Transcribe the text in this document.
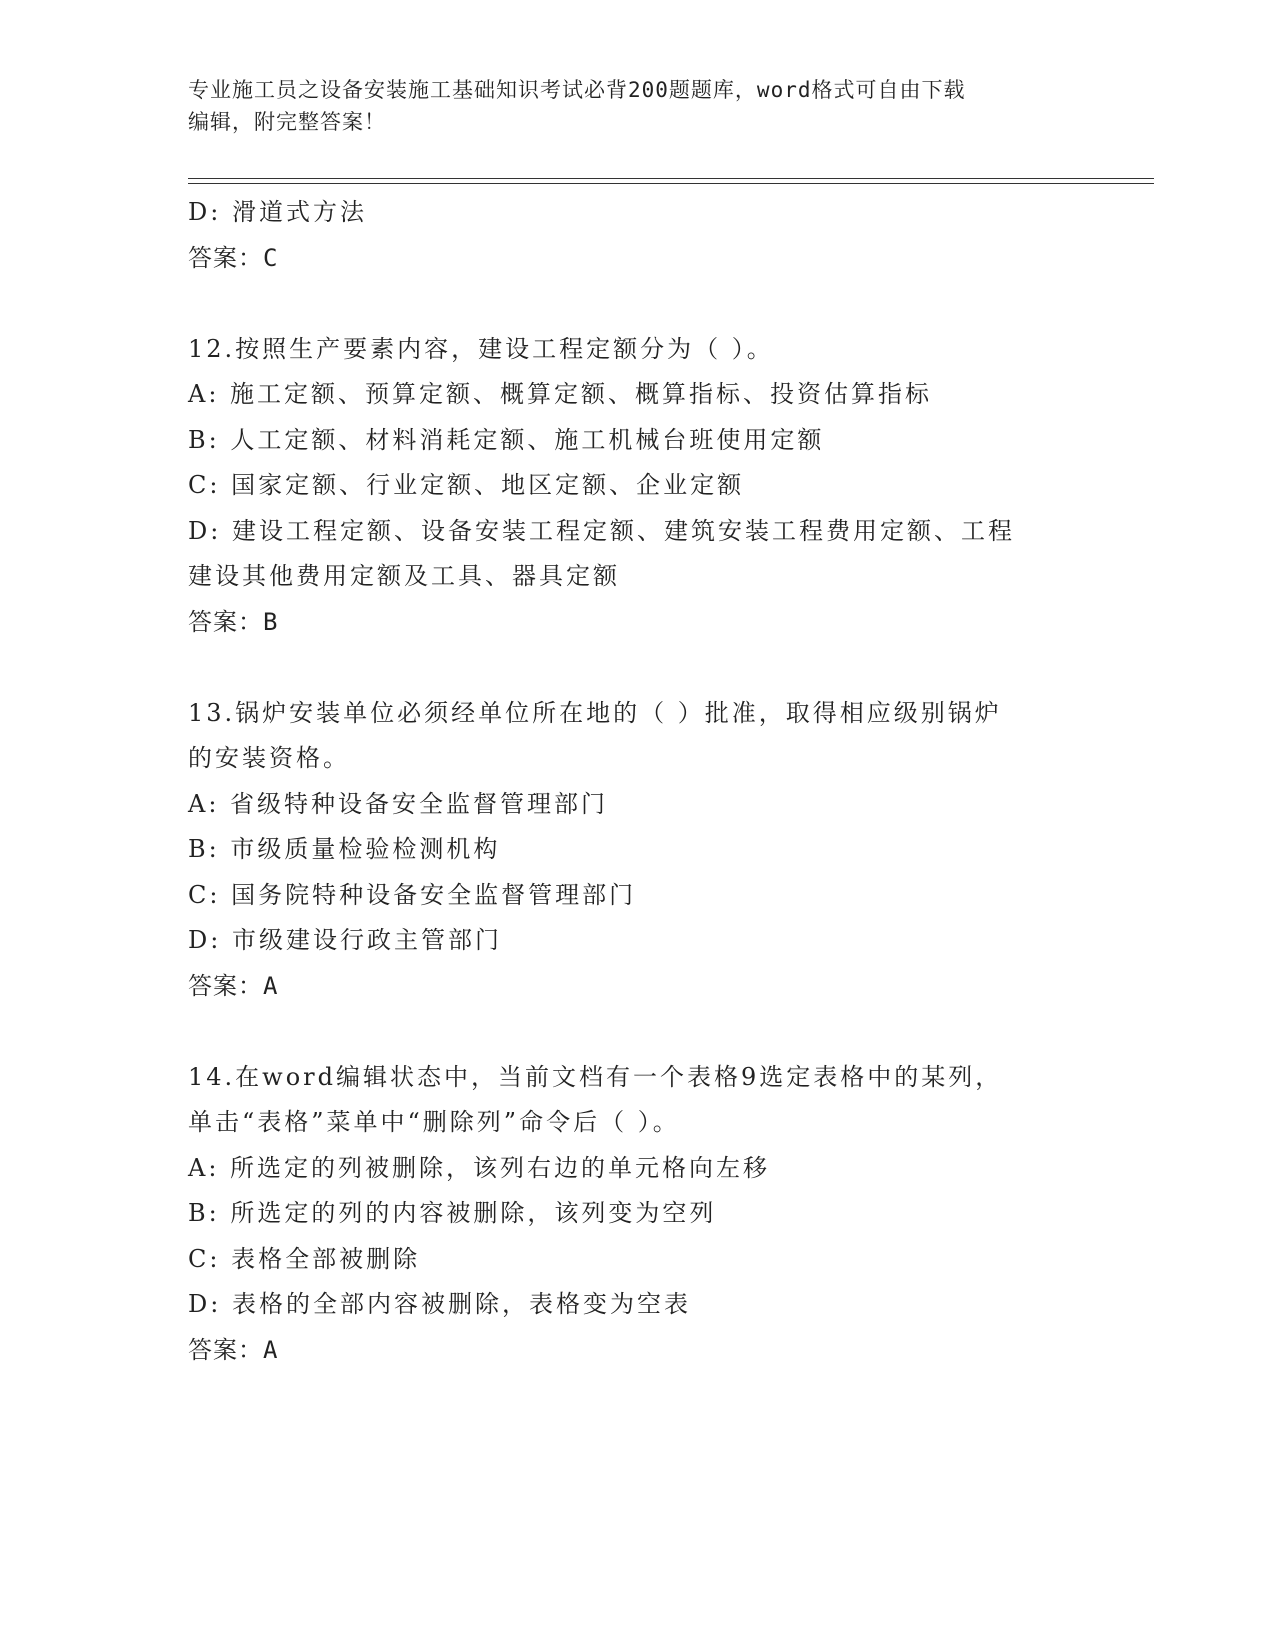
专业施工员之设备安装施工基础知识考试必背200题题库，word格式可自由下载
编辑，附完整答案！
D: 滑道式方法
答案：C
12.按照生产要素内容，建设工程定额分为（ ）。
A: 施工定额、预算定额、概算定额、概算指标、投资估算指标
B: 人工定额、材料消耗定额、施工机械台班使用定额
C: 国家定额、行业定额、地区定额、企业定额
D: 建设工程定额、设备安装工程定额、建筑安装工程费用定额、工程
建设其他费用定额及工具、器具定额
答案：B
13.锅炉安装单位必须经单位所在地的（ ）批准，取得相应级别锅炉
的安装资格。
A: 省级特种设备安全监督管理部门
B: 市级质量检验检测机构
C: 国务院特种设备安全监督管理部门
D: 市级建设行政主管部门
答案：A
14.在word编辑状态中，当前文档有一个表格9选定表格中的某列，
单击“表格”菜单中“删除列”命令后（ ）。
A: 所选定的列被删除，该列右边的单元格向左移
B: 所选定的列的内容被删除，该列变为空列
C: 表格全部被删除
D: 表格的全部内容被删除，表格变为空表
答案：A
